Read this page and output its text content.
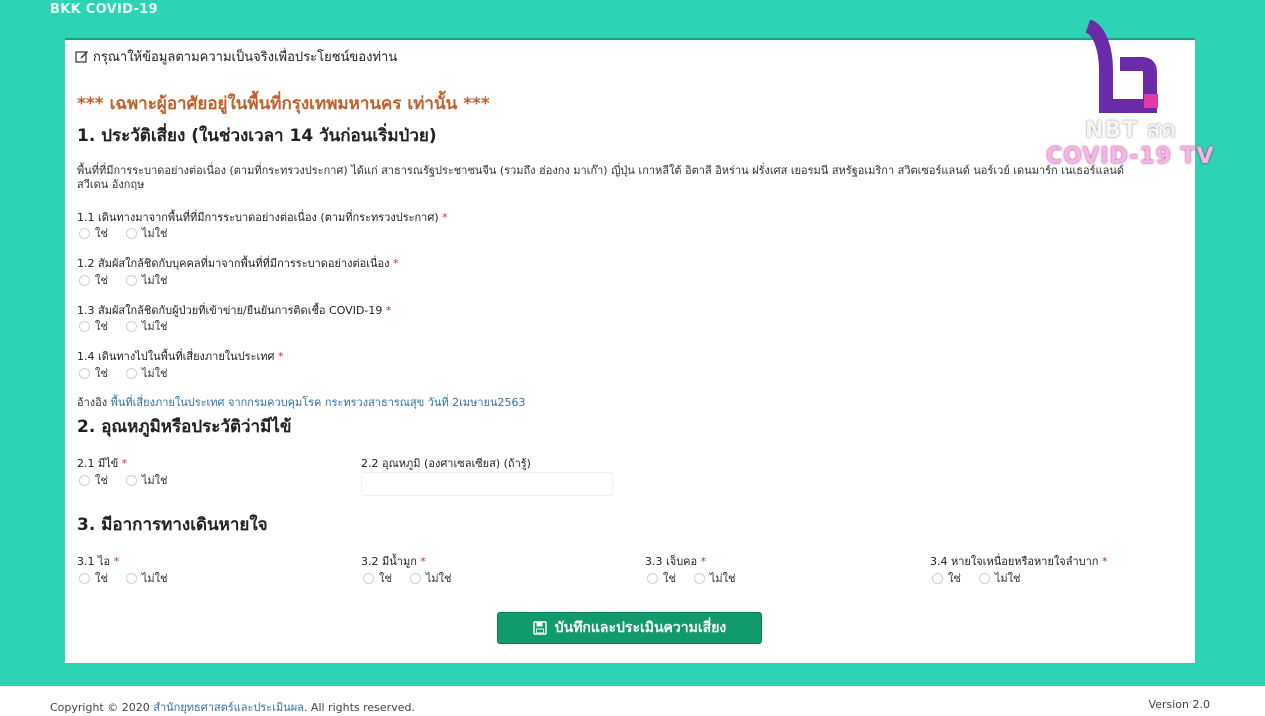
BKK COVID-19
กรุณาให้ข้อมูลตามความเป็นจริงเพื่อประโยชน์ของท่าน
*** เฉพาะผู้อาศัยอยู่ในพื้นที่กรุงเทพมหานคร เท่านั้น ***
1. ประวัติเสี่ยง (ในช่วงเวลา 14 วันก่อนเริ่มป่วย)
พื้นที่ที่มีการระบาดอย่างต่อเนื่อง (ตามที่กระทรวงประกาศ) ได้แก่ สาธารณรัฐประชาชนจีน (รวมถึง ฮ่องกง มาเก๊า) ญี่ปุ่น เกาหลีใต้ อิตาลี อิหร่าน ฝรั่งเศส เยอรมนี สหรัฐอเมริกา สวิตเซอร์แลนด์ นอร์เวย์ เดนมาร์ก เนเธอร์แลนด์ สวีเดน อังกฤษ
1.1 เดินทางมาจากพื้นที่ที่มีการระบาดอย่างต่อเนื่อง (ตามที่กระทรวงประกาศ) *
ใช่	ไม่ใช่
1.2 สัมผัสใกล้ชิดกับบุคคลที่มาจากพื้นที่ที่มีการระบาดอย่างต่อเนื่อง *
ใช่	ไม่ใช่
1.3 สัมผัสใกล้ชิดกับผู้ป่วยที่เข้าข่าย/ยืนยันการติดเชื้อ COVID-19 *
ใช่	ไม่ใช่
1.4 เดินทางไปในพื้นที่เสี่ยงภายในประเทศ *
ใช่	ไม่ใช่
อ้างอิง พื้นที่เสี่ยงภายในประเทศ จากกรมควบคุมโรค กระทรวงสาธารณสุข วันที่ 2เมษายน2563
2. อุณหภูมิหรือประวัติว่ามีไข้
2.1 มีไข้ *
ใช่	ไม่ใช่
2.2 อุณหภูมิ (องศาเซลเซียส) (ถ้ารู้)
3. มีอาการทางเดินหายใจ
3.1 ไอ *
ใช่	ไม่ใช่
3.2 มีน้ำมูก *
ใช่	ไม่ใช่
3.3 เจ็บคอ *
ใช่	ไม่ใช่
3.4 หายใจเหนื่อยหรือหายใจลำบาก *
ใช่	ไม่ใช่
บันทึกและประเมินความเสี่ยง
Copyright © 2020 สำนักยุทธศาสตร์และประเมินผล. All rights reserved.	Version 2.0
NBT สด
COVID-19 TV
